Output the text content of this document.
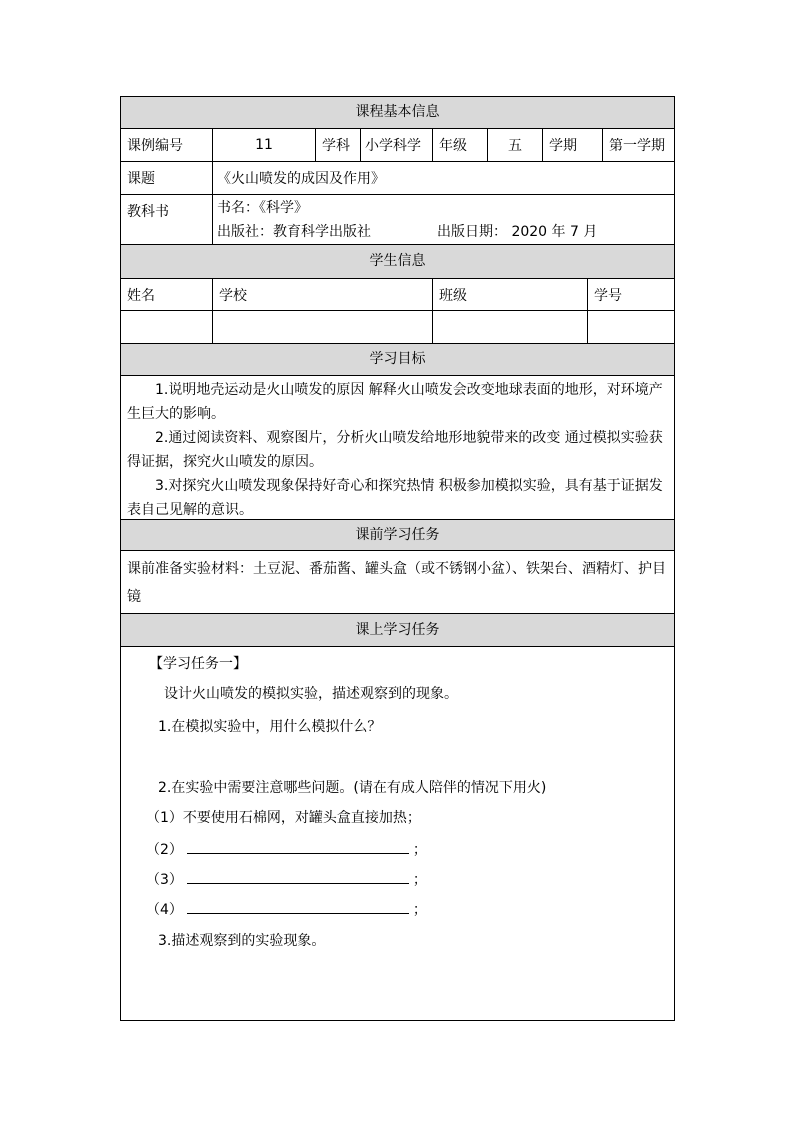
课程基本信息
课例编号	11	学科	小学科学	年级	五	学期	第一学期
课题	《火山喷发的成因及作用》
教科书	书名：《科学》
出版社：教育科学出版社	出版日期： 2020 年 7 月
学生信息
姓名	学校	班级	学号
学习目标

1.说明地壳运动是火山喷发的原因 解释火山喷发会改变地球表面的地形，对环境产生巨大的影响。

2.通过阅读资料、观察图片，分析火山喷发给地形地貌带来的改变 通过模拟实验获得证据，探究火山喷发的原因。

3.对探究火山喷发现象保持好奇心和探究热情 积极参加模拟实验，具有基于证据发表自己见解的意识。

课前学习任务
课前准备实验材料：土豆泥、番茄酱、罐头盒（或不锈钢小盆）、铁架台、酒精灯、护目镜
课上学习任务
【学习任务一】
设计火山喷发的模拟实验，描述观察到的现象。
1.在模拟实验中，用什么模拟什么？
2.在实验中需要注意哪些问题。(请在有成人陪伴的情况下用火)
（1）不要使用石棉网，对罐头盒直接加热；
（2）	；
（3）	；
（4）	；
3.描述观察到的实验现象。
